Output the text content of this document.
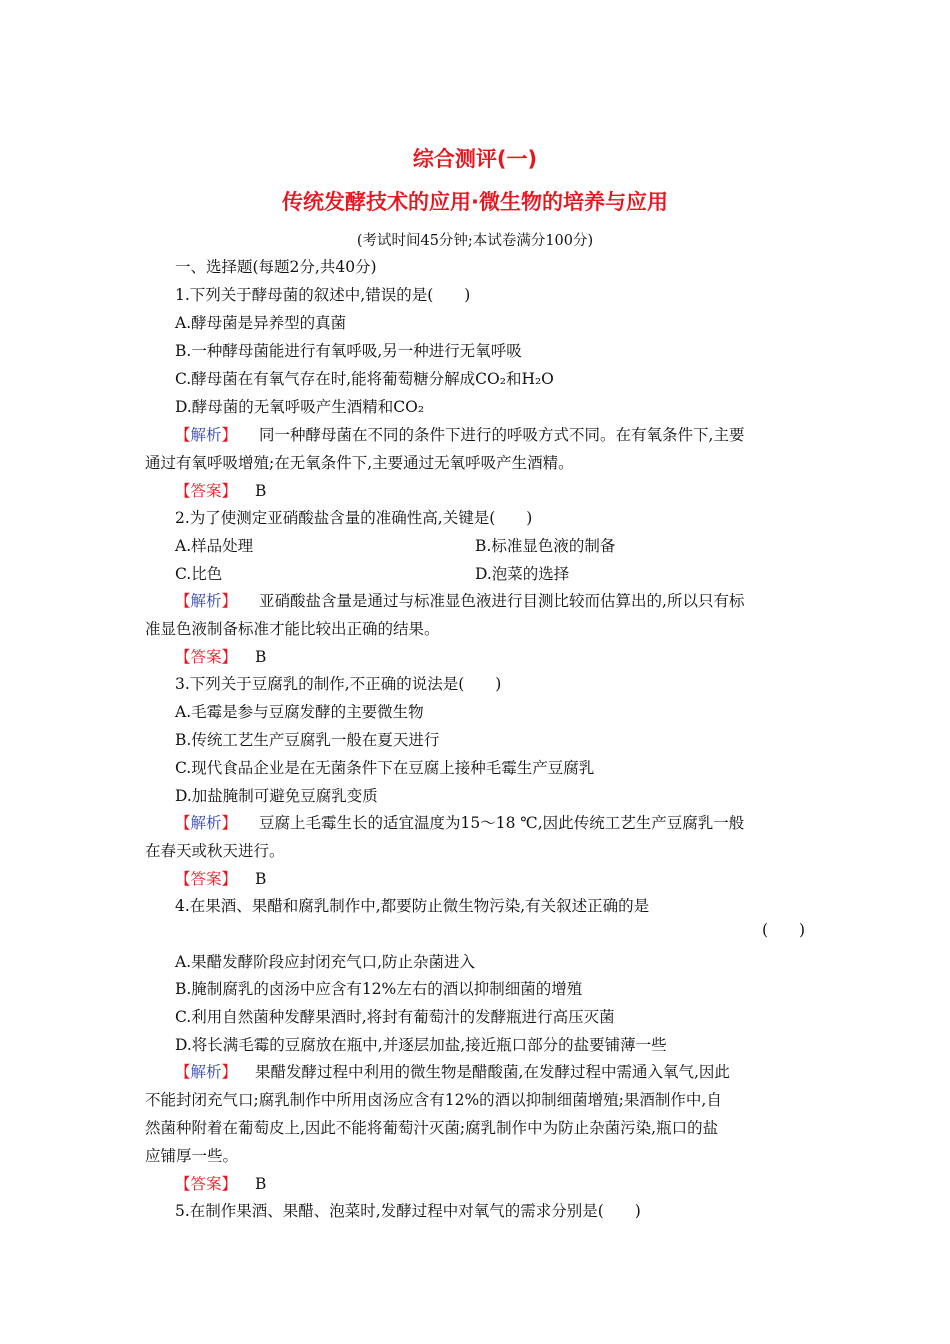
综合测评(一)
传统发酵技术的应用·微生物的培养与应用
(考试时间45分钟;本试卷满分100分)
一、选择题(每题2分,共40分)
1.下列关于酵母菌的叙述中,错误的是(　　)
A.酵母菌是异养型的真菌
B.一种酵母菌能进行有氧呼吸,另一种进行无氧呼吸
C.酵母菌在有氧气存在时,能将葡萄糖分解成CO₂和H₂O
D.酵母菌的无氧呼吸产生酒精和CO₂
【解析】 同一种酵母菌在不同的条件下进行的呼吸方式不同。在有氧条件下,主要
通过有氧呼吸增殖;在无氧条件下,主要通过无氧呼吸产生酒精。
【答案】 B
2.为了使测定亚硝酸盐含量的准确性高,关键是(　　)
A.样品处理	B.标准显色液的制备
C.比色	D.泡菜的选择
【解析】 亚硝酸盐含量是通过与标准显色液进行目测比较而估算出的,所以只有标
准显色液制备标准才能比较出正确的结果。
【答案】 B
3.下列关于豆腐乳的制作,不正确的说法是(　　)
A.毛霉是参与豆腐发酵的主要微生物
B.传统工艺生产豆腐乳一般在夏天进行
C.现代食品企业是在无菌条件下在豆腐上接种毛霉生产豆腐乳
D.加盐腌制可避免豆腐乳变质
【解析】 豆腐上毛霉生长的适宜温度为15～18 ℃,因此传统工艺生产豆腐乳一般
在春天或秋天进行。
【答案】 B
4.在果酒、果醋和腐乳制作中,都要防止微生物污染,有关叙述正确的是
(　　)
A.果醋发酵阶段应封闭充气口,防止杂菌进入
B.腌制腐乳的卤汤中应含有12%左右的酒以抑制细菌的增殖
C.利用自然菌种发酵果酒时,将封有葡萄汁的发酵瓶进行高压灭菌
D.将长满毛霉的豆腐放在瓶中,并逐层加盐,接近瓶口部分的盐要铺薄一些
【解析】 果醋发酵过程中利用的微生物是醋酸菌,在发酵过程中需通入氧气,因此
不能封闭充气口;腐乳制作中所用卤汤应含有12%的酒以抑制细菌增殖;果酒制作中,自
然菌种附着在葡萄皮上,因此不能将葡萄汁灭菌;腐乳制作中为防止杂菌污染,瓶口的盐
应铺厚一些。
【答案】 B
5.在制作果酒、果醋、泡菜时,发酵过程中对氧气的需求分别是(　　)
